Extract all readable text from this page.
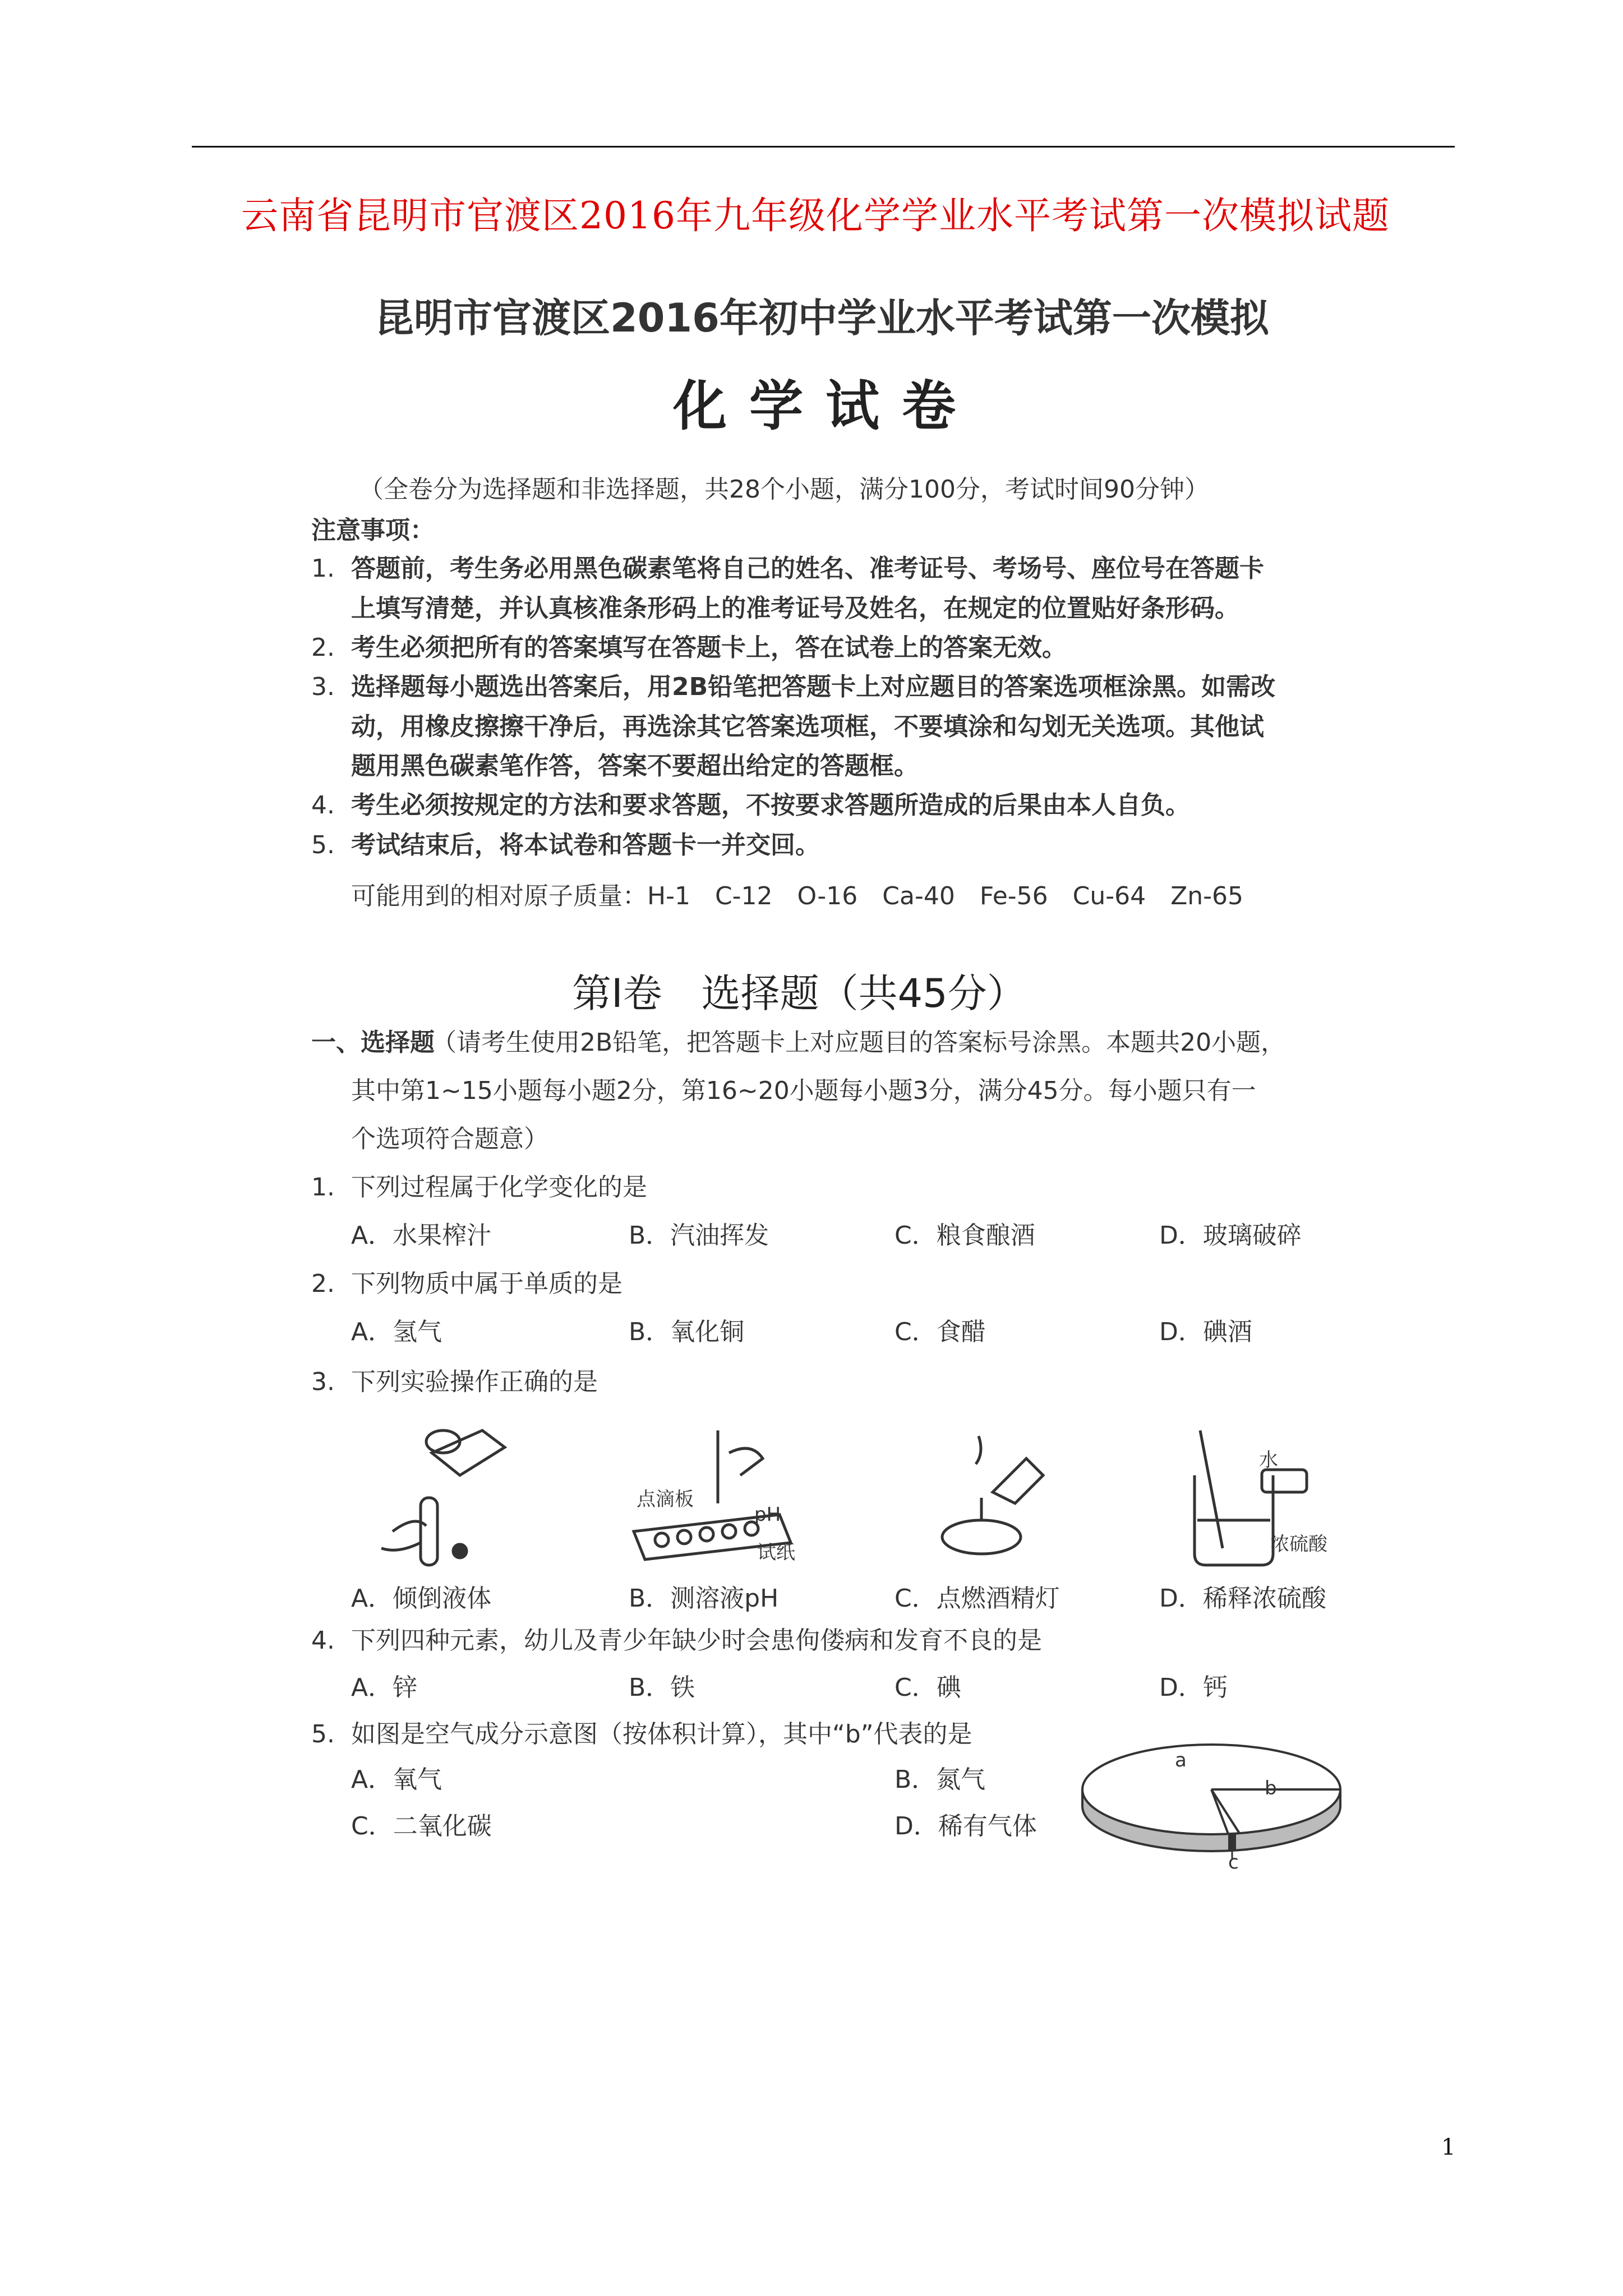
云南省昆明市官渡区2016年九年级化学学业水平考试第一次模拟试题
昆明市官渡区2016年初中学业水平考试第一次模拟
化学试卷
（全卷分为选择题和非选择题，共28个小题，满分100分，考试时间90分钟）
注意事项：
1. 答题前，考生务必用黑色碳素笔将自己的姓名、准考证号、考场号、座位号在答题卡
上填写清楚，并认真核准条形码上的准考证号及姓名，在规定的位置贴好条形码。
2. 考生必须把所有的答案填写在答题卡上，答在试卷上的答案无效。
3. 选择题每小题选出答案后，用2B铅笔把答题卡上对应题目的答案选项框涂黑。如需改
动，用橡皮擦擦干净后，再选涂其它答案选项框，不要填涂和勾划无关选项。其他试
题用黑色碳素笔作答，答案不要超出给定的答题框。
4. 考生必须按规定的方法和要求答题，不按要求答题所造成的后果由本人自负。
5. 考试结束后，将本试卷和答题卡一并交回。
可能用到的相对原子质量：H-1　C-12　O-16　Ca-40　Fe-56　Cu-64　Zn-65
第Ⅰ卷　选择题（共45分）
一、选择题
（请考生使用2B铅笔，把答题卡上对应题目的答案标号涂黑。本题共20小题，
其中第1~15小题每小题2分，第16~20小题每小题3分，满分45分。每小题只有一
个选项符合题意）
1. 下列过程属于化学变化的是
A．水果榨汁	B．汽油挥发	C．粮食酿酒	D．玻璃破碎
2. 下列物质中属于单质的是
A．氢气	B．氧化铜	C．食醋	D．碘酒
3. 下列实验操作正确的是
点滴板
pH
试纸
水
浓硫酸
A．倾倒液体	B．测溶液pH	C．点燃酒精灯	D．稀释浓硫酸
4. 下列四种元素，幼儿及青少年缺少时会患佝偻病和发育不良的是
A．锌	B．铁	C．碘	D．钙
5. 如图是空气成分示意图（按体积计算），其中“b”代表的是
A．氧气	B．氮气
C．二氧化碳	D．稀有气体
a
b
c
1
